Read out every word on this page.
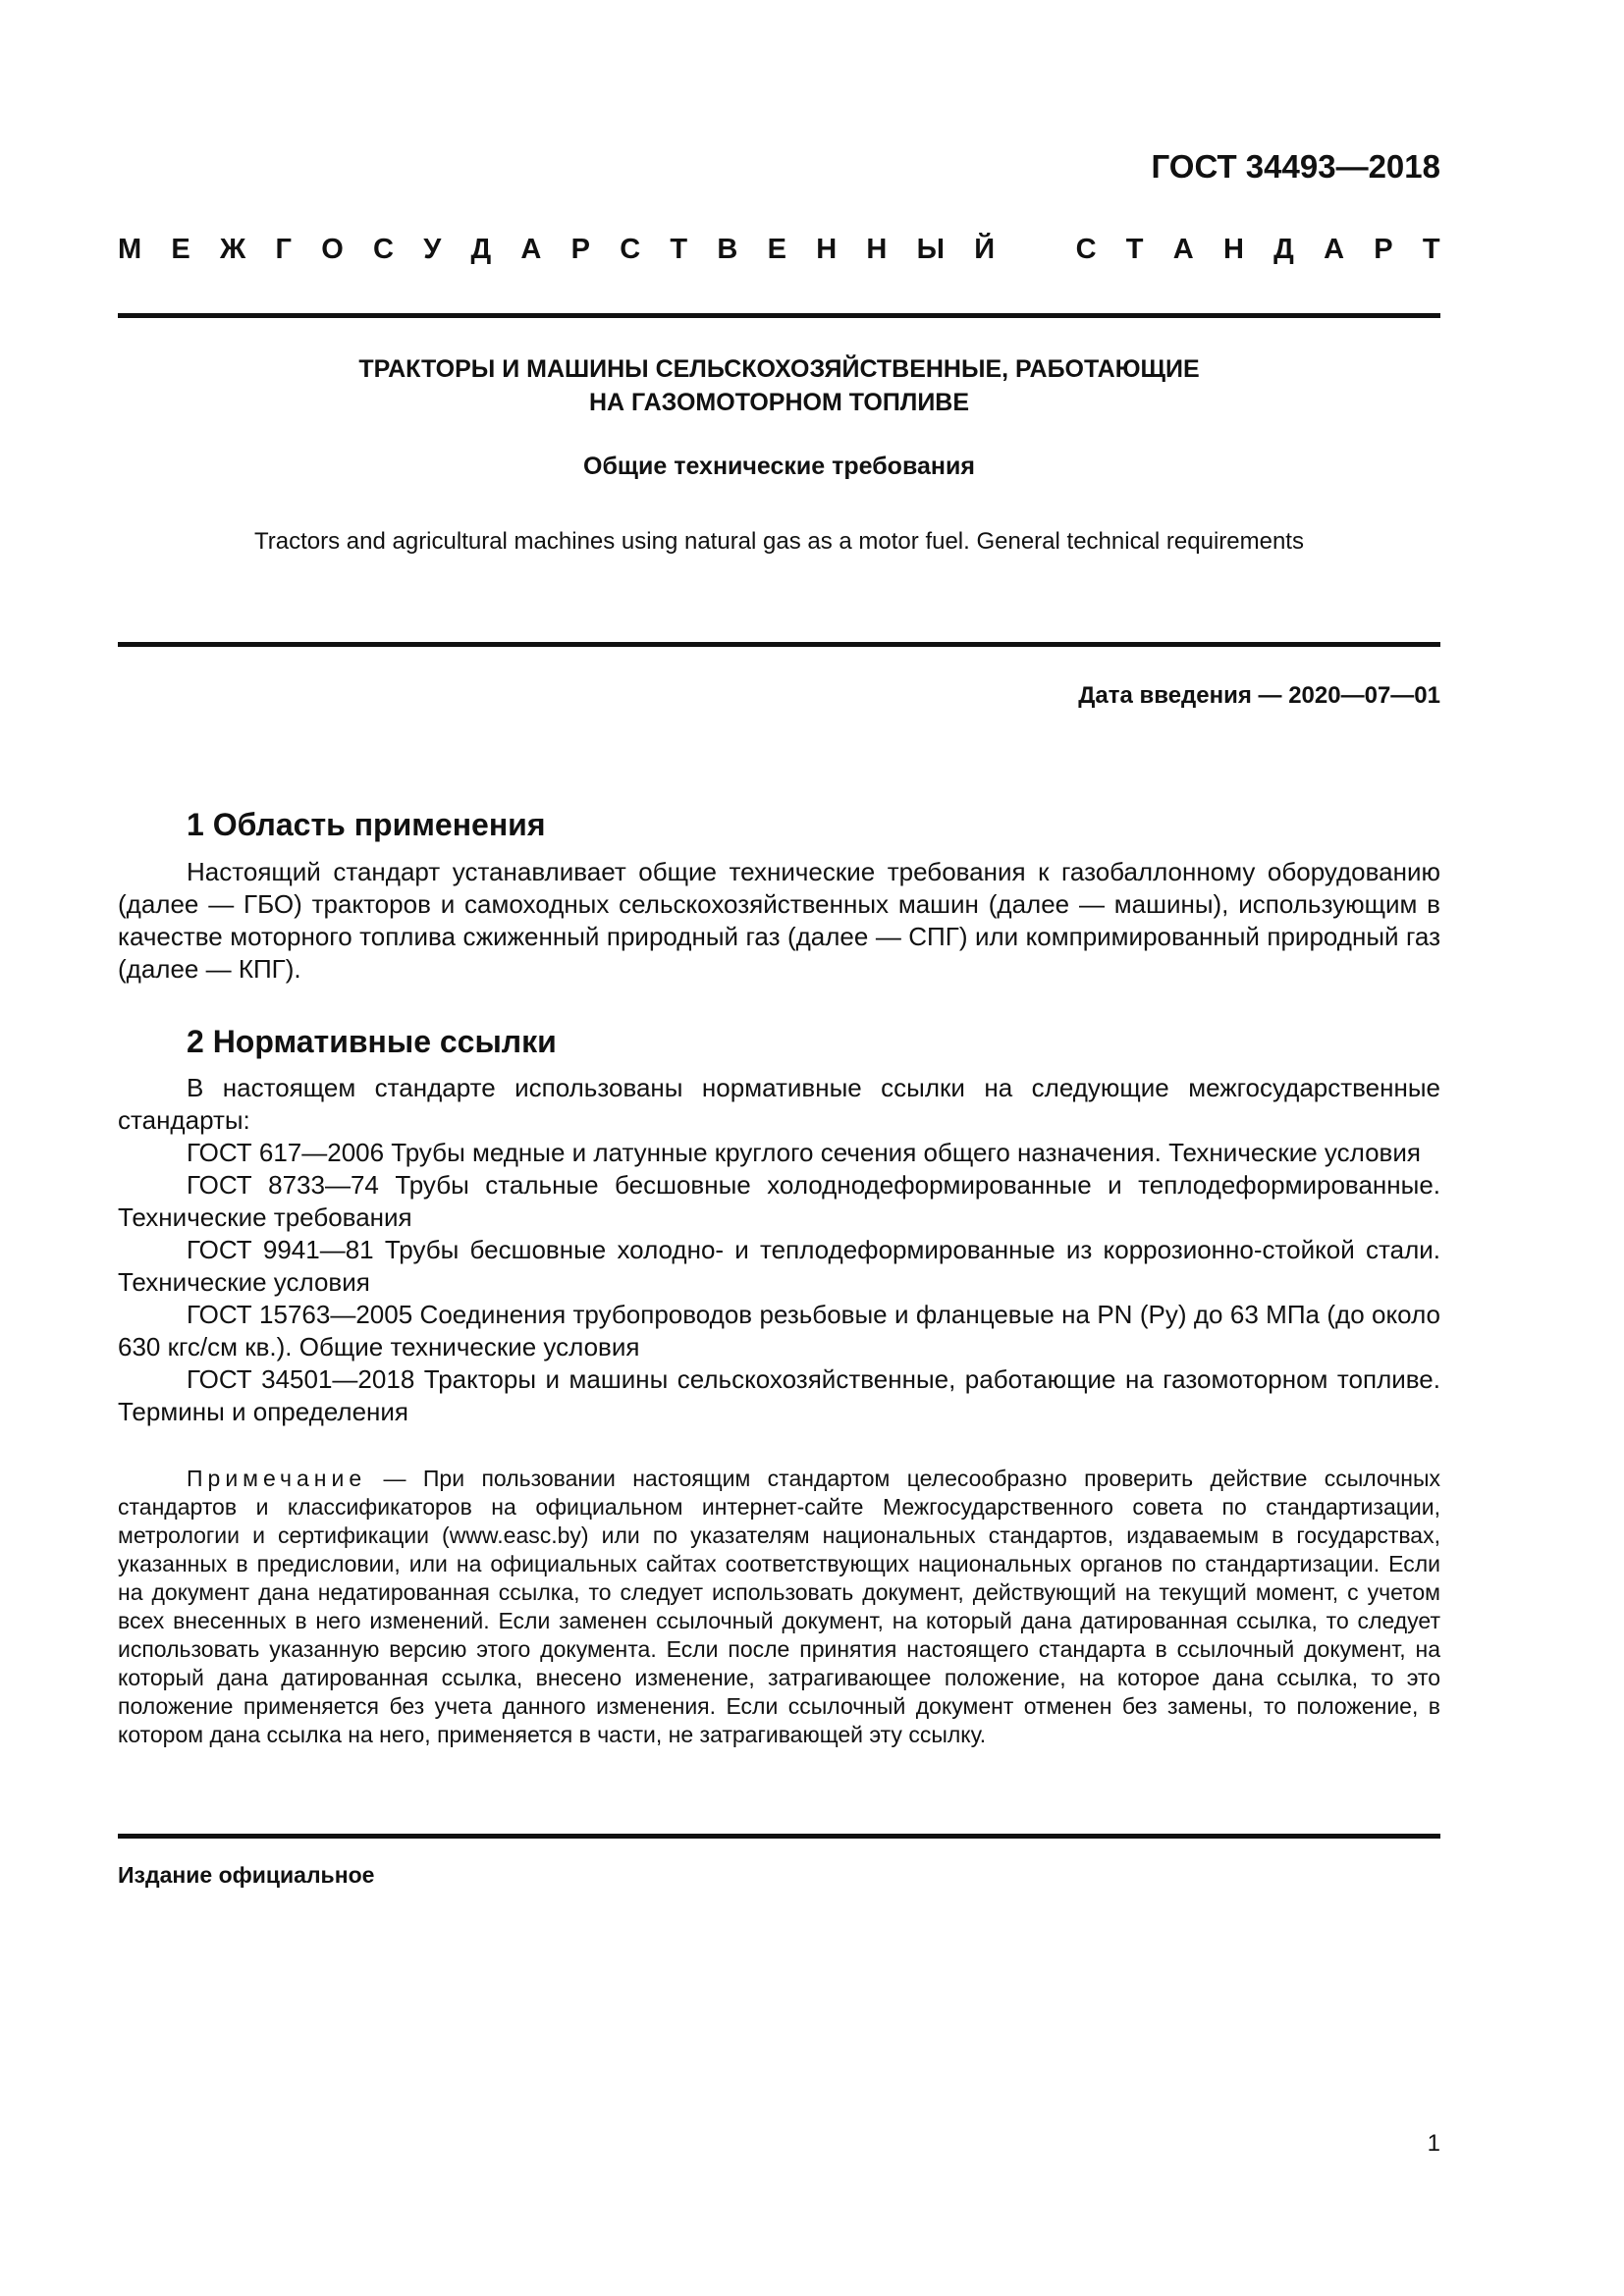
ГОСТ 34493—2018

М Е Ж Г О С У Д А Р С Т В Е Н Н Ы Й	С Т А Н Д А Р Т

ТРАКТОРЫ И МАШИНЫ СЕЛЬСКОХОЗЯЙСТВЕННЫЕ, РАБОТАЮЩИЕ
НА ГАЗОМОТОРНОМ ТОПЛИВЕ

Общие технические требования

Tractors and agricultural machines using natural gas as a motor fuel. General technical requirements

Дата введения — 2020—07—01

1 Область применения

Настоящий стандарт устанавливает общие технические требования к газобаллонному оборудованию (далее — ГБО) тракторов и самоходных сельскохозяйственных машин (далее — машины), использующим в качестве моторного топлива сжиженный природный газ (далее — СПГ) или компримированный природный газ (далее — КПГ).

2 Нормативные ссылки

В настоящем стандарте использованы нормативные ссылки на следующие межгосударственные стандарты:

ГОСТ 617—2006 Трубы медные и латунные круглого сечения общего назначения. Технические условия

ГОСТ 8733—74 Трубы стальные бесшовные холоднодеформированные и теплодеформированные. Технические требования

ГОСТ 9941—81 Трубы бесшовные холодно- и теплодеформированные из коррозионно-стойкой стали. Технические условия

ГОСТ 15763—2005 Соединения трубопроводов резьбовые и фланцевые на PN (Ру) до 63 МПа (до около 630 кгс/см кв.). Общие технические условия

ГОСТ 34501—2018 Тракторы и машины сельскохозяйственные, работающие на газомоторном топливе. Термины и определения

Примечание — При пользовании настоящим стандартом целесообразно проверить действие ссылочных стандартов и классификаторов на официальном интернет-сайте Межгосударственного совета по стандартизации, метрологии и сертификации (www.easc.by) или по указателям национальных стандартов, издаваемым в государствах, указанных в предисловии, или на официальных сайтах соответствующих национальных органов по стандартизации. Если на документ дана недатированная ссылка, то следует использовать документ, действующий на текущий момент, с учетом всех внесенных в него изменений. Если заменен ссылочный документ, на который дана датированная ссылка, то следует использовать указанную версию этого документа. Если после принятия настоящего стандарта в ссылочный документ, на который дана датированная ссылка, внесено изменение, затрагивающее положение, на которое дана ссылка, то это положение применяется без учета данного изменения. Если ссылочный документ отменен без замены, то положение, в котором дана ссылка на него, применяется в части, не затрагивающей эту ссылку.

Издание официальное

1
